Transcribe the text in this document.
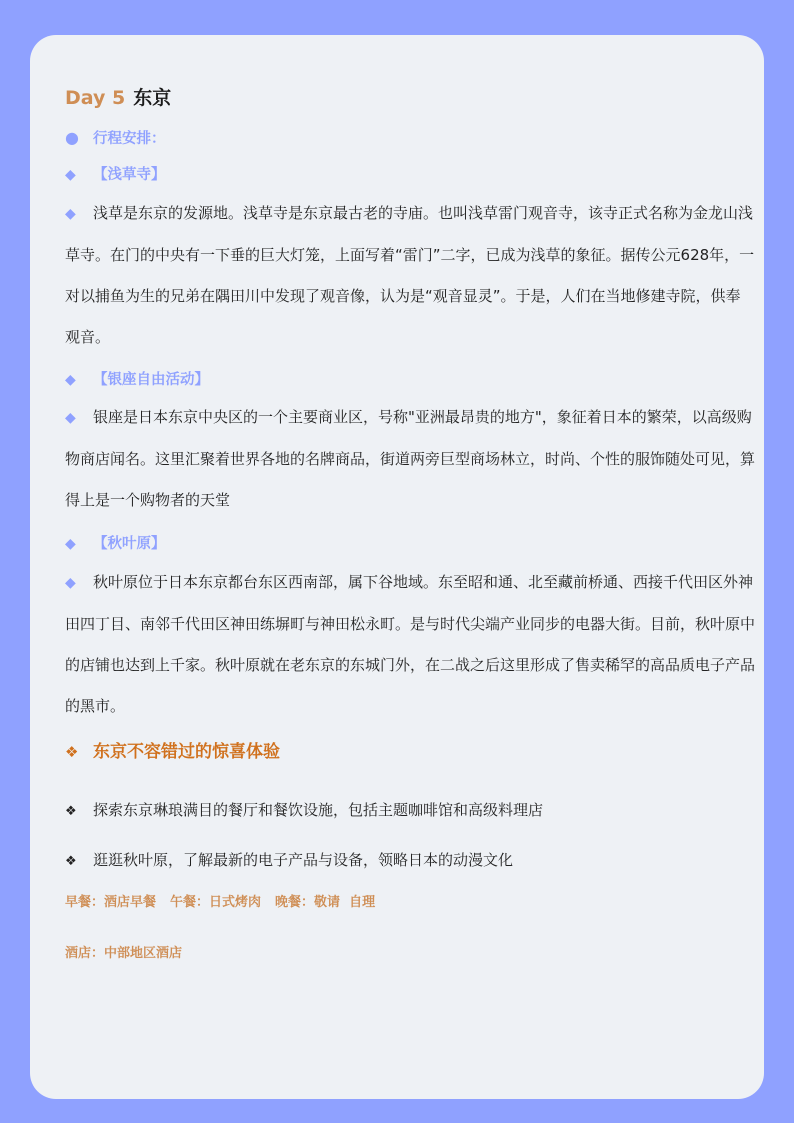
Day 5 东京
● 行程安排：
◆ 【浅草寺】
◆ 浅草是东京的发源地。浅草寺是东京最古老的寺庙。也叫浅草雷门观音寺，该寺正式名称为金龙山浅草寺。在门的中央有一下垂的巨大灯笼，上面写着“雷门”二字，已成为浅草的象征。据传公元628年，一对以捕鱼为生的兄弟在隅田川中发现了观音像，认为是“观音显灵”。于是，人们在当地修建寺院，供奉观音。
◆ 【银座自由活动】
◆ 银座是日本东京中央区的一个主要商业区，号称"亚洲最昂贵的地方"，象征着日本的繁荣，以高级购物商店闻名。这里汇聚着世界各地的名牌商品，街道两旁巨型商场林立，时尚、个性的服饰随处可见，算得上是一个购物者的天堂
◆ 【秋叶原】
◆ 秋叶原位于日本东京都台东区西南部，属下谷地域。东至昭和通、北至藏前桥通、西接千代田区外神田四丁目、南邻千代田区神田练塀町与神田松永町。是与时代尖端产业同步的电器大街。目前，秋叶原中的店铺也达到上千家。秋叶原就在老东京的东城门外，在二战之后这里形成了售卖稀罕的高品质电子产品的黑市。
❖ 东京不容错过的惊喜体验
❖ 探索东京琳琅满目的餐厅和餐饮设施，包括主题咖啡馆和高级料理店
❖ 逛逛秋叶原，了解最新的电子产品与设备，领略日本的动漫文化
早餐：酒店早餐 午餐：日式烤肉 晚餐：敬请  自理
酒店：中部地区酒店
